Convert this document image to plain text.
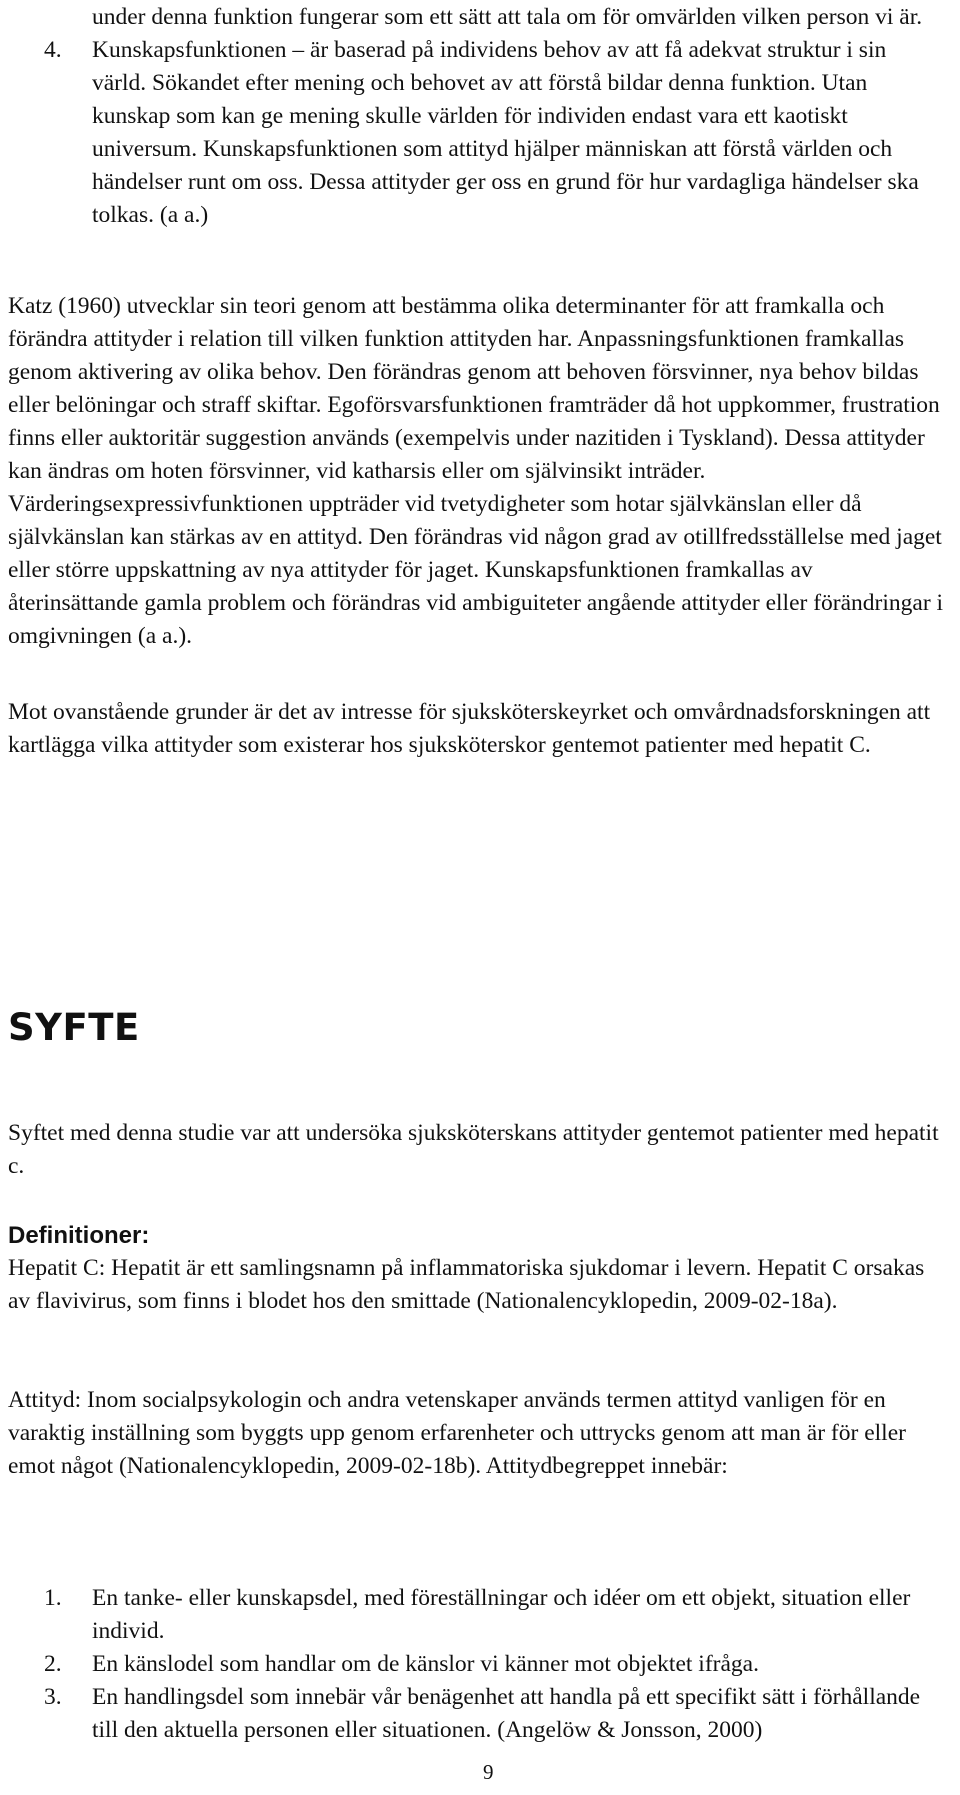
under denna funktion fungerar som ett sätt att tala om för omvärlden vilken person vi är.

4. Kunskapsfunktionen – är baserad på individens behov av att få adekvat struktur i sin värld. Sökandet efter mening och behovet av att förstå bildar denna funktion. Utan kunskap som kan ge mening skulle världen för individen endast vara ett kaotiskt universum. Kunskapsfunktionen som attityd hjälper människan att förstå världen och händelser runt om oss. Dessa attityder ger oss en grund för hur vardagliga händelser ska tolkas. (a a.)

Katz (1960) utvecklar sin teori genom att bestämma olika determinanter för att framkalla och förändra attityder i relation till vilken funktion attityden har. Anpassningsfunktionen framkallas genom aktivering av olika behov. Den förändras genom att behoven försvinner, nya behov bildas eller belöningar och straff skiftar. Egoförsvarsfunktionen framträder då hot uppkommer, frustration finns eller auktoritär suggestion används (exempelvis under nazitiden i Tyskland). Dessa attityder kan ändras om hoten försvinner, vid katharsis eller om självinsikt inträder. Värderingsexpressivfunktionen uppträder vid tvetydigheter som hotar självkänslan eller då självkänslan kan stärkas av en attityd. Den förändras vid någon grad av otillfredsställelse med jaget eller större uppskattning av nya attityder för jaget. Kunskapsfunktionen framkallas av återinsättande gamla problem och förändras vid ambiguiteter angående attityder eller förändringar i omgivningen (a a.).

Mot ovanstående grunder är det av intresse för sjuksköterskeyrket och omvårdnadsforskningen att kartlägga vilka attityder som existerar hos sjuksköterskor gentemot patienter med hepatit C.

SYFTE

Syftet med denna studie var att undersöka sjuksköterskans attityder gentemot patienter med hepatit c.

Definitioner:

Hepatit C: Hepatit är ett samlingsnamn på inflammatoriska sjukdomar i levern. Hepatit C orsakas av flavivirus, som finns i blodet hos den smittade (Nationalencyklopedin, 2009-02-18a).

Attityd: Inom socialpsykologin och andra vetenskaper används termen attityd vanligen för en varaktig inställning som byggts upp genom erfarenheter och uttrycks genom att man är för eller emot något (Nationalencyklopedin, 2009-02-18b). Attitydbegreppet innebär:

1. En tanke- eller kunskapsdel, med föreställningar och idéer om ett objekt, situation eller individ.
2. En känslodel som handlar om de känslor vi känner mot objektet ifråga.
3. En handlingsdel som innebär vår benägenhet att handla på ett specifikt sätt i förhållande till den aktuella personen eller situationen. (Angelöw & Jonsson, 2000)

9
